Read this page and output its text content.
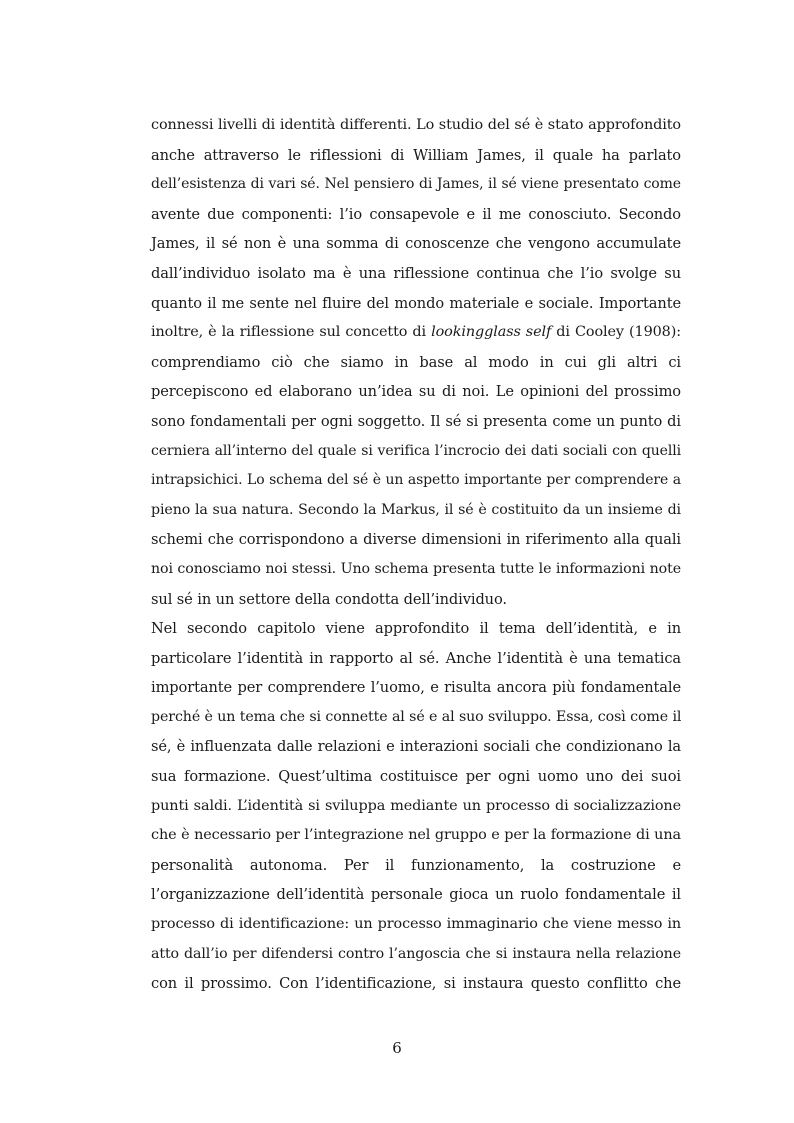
connessi livelli di identità differenti. Lo studio del sé è stato approfondito
anche attraverso le riflessioni di William James, il quale ha parlato
dell’esistenza di vari sé. Nel pensiero di James, il sé viene presentato come
avente due componenti: l’io consapevole e il me conosciuto. Secondo
James, il sé non è una somma di conoscenze che vengono accumulate
dall’individuo isolato ma è una riflessione continua che l’io svolge su
quanto il me sente nel fluire del mondo materiale e sociale. Importante
inoltre, è la riflessione sul concetto di lookingglass self di Cooley (1908):
comprendiamo ciò che siamo in base al modo in cui gli altri ci
percepiscono ed elaborano un’idea su di noi. Le opinioni del prossimo
sono fondamentali per ogni soggetto. Il sé si presenta come un punto di
cerniera all’interno del quale si verifica l’incrocio dei dati sociali con quelli
intrapsichici. Lo schema del sé è un aspetto importante per comprendere a
pieno la sua natura. Secondo la Markus, il sé è costituito da un insieme di
schemi che corrispondono a diverse dimensioni in riferimento alla quali
noi conosciamo noi stessi. Uno schema presenta tutte le informazioni note
sul sé in un settore della condotta dell’individuo.
Nel secondo capitolo viene approfondito il tema dell’identità, e in
particolare l’identità in rapporto al sé. Anche l’identità è una tematica
importante per comprendere l’uomo, e risulta ancora più fondamentale
perché è un tema che si connette al sé e al suo sviluppo. Essa, così come il
sé, è influenzata dalle relazioni e interazioni sociali che condizionano la
sua formazione. Quest’ultima costituisce per ogni uomo uno dei suoi
punti saldi. L’identità si sviluppa mediante un processo di socializzazione
che è necessario per l’integrazione nel gruppo e per la formazione di una
personalità autonoma. Per il funzionamento, la costruzione e
l’organizzazione dell’identità personale gioca un ruolo fondamentale il
processo di identificazione: un processo immaginario che viene messo in
atto dall’io per difendersi contro l’angoscia che si instaura nella relazione
con il prossimo. Con l’identificazione, si instaura questo conflitto che
6
